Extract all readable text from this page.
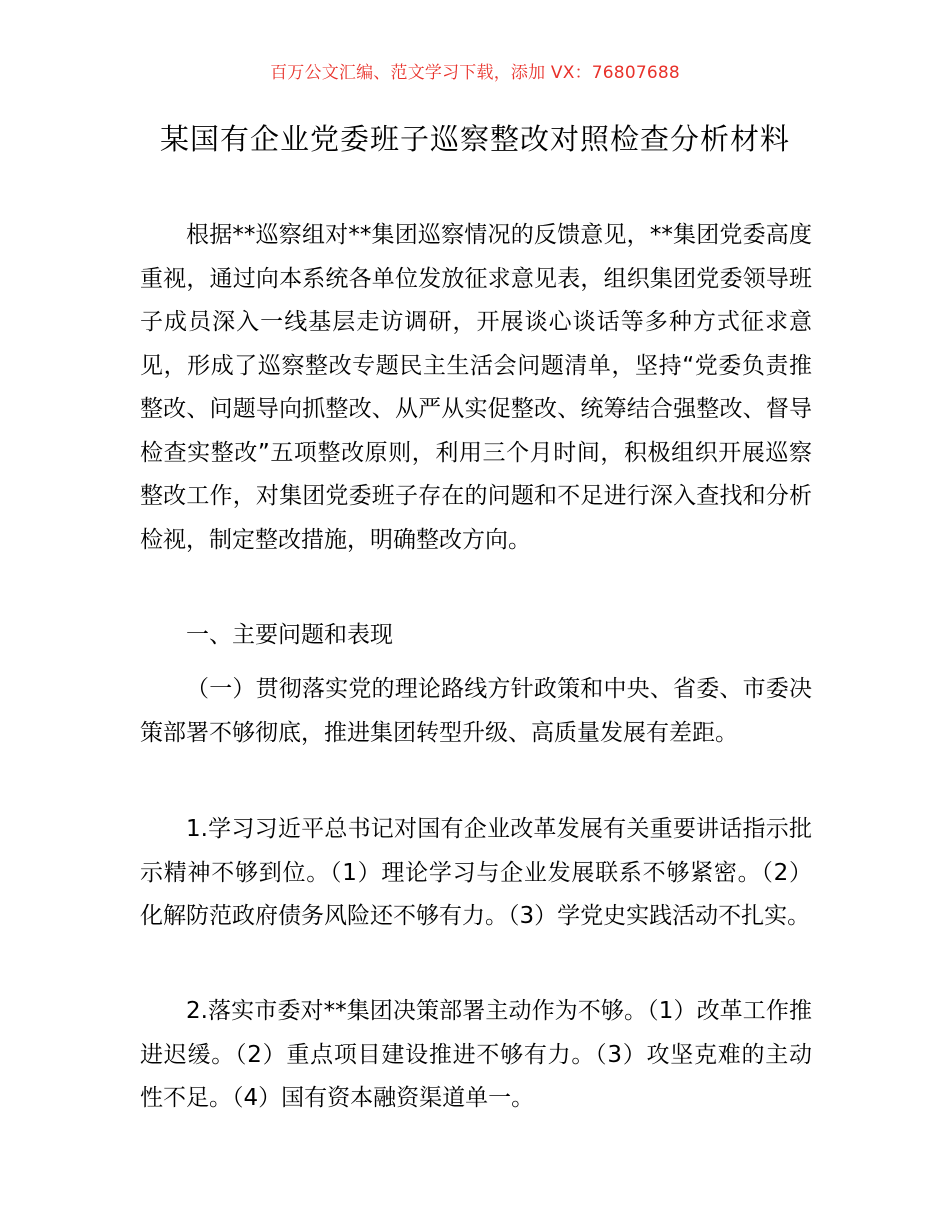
百万公文汇编、范文学习下载，添加 VX：76807688
某国有企业党委班子巡察整改对照检查分析材料

根据**巡察组对**集团巡察情况的反馈意见，**集团党委高度重视，通过向本系统各单位发放征求意见表，组织集团党委领导班子成员深入一线基层走访调研，开展谈心谈话等多种方式征求意见，形成了巡察整改专题民主生活会问题清单，坚持“党委负责推整改、问题导向抓整改、从严从实促整改、统筹结合强整改、督导检查实整改”五项整改原则，利用三个月时间，积极组织开展巡察整改工作，对集团党委班子存在的问题和不足进行深入查找和分析检视，制定整改措施，明确整改方向。

一、主要问题和表现

（一）贯彻落实党的理论路线方针政策和中央、省委、市委决策部署不够彻底，推进集团转型升级、高质量发展有差距。

1.学习习近平总书记对国有企业改革发展有关重要讲话指示批示精神不够到位。（1）理论学习与企业发展联系不够紧密。（2）化解防范政府债务风险还不够有力。（3）学党史实践活动不扎实。

2.落实市委对**集团决策部署主动作为不够。（1）改革工作推进迟缓。（2）重点项目建设推进不够有力。（3）攻坚克难的主动性不足。（4）国有资本融资渠道单一。
